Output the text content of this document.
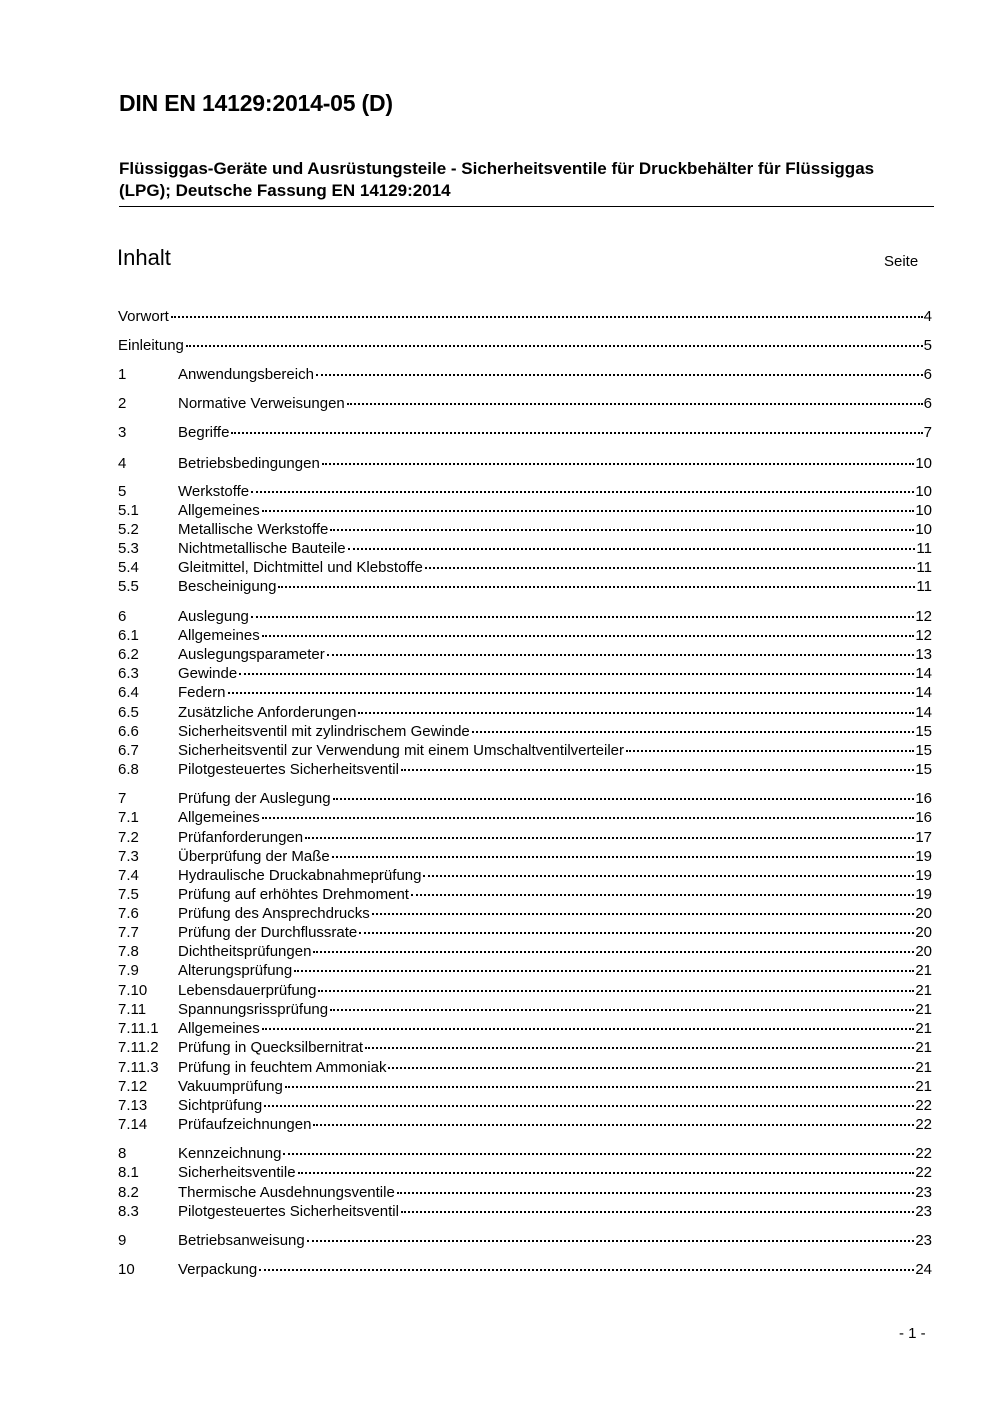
DIN EN 14129:2014-05 (D)
Flüssiggas-Geräte und Ausrüstungsteile - Sicherheitsventile für Druckbehälter für Flüssiggas (LPG); Deutsche Fassung EN 14129:2014
Inhalt	Seite
Vorwort	4
Einleitung	5
1	Anwendungsbereich	6
2	Normative Verweisungen	6
3	Begriffe	7
4	Betriebsbedingungen	10
5	Werkstoffe	10
5.1	Allgemeines	10
5.2	Metallische Werkstoffe	10
5.3	Nichtmetallische Bauteile	11
5.4	Gleitmittel, Dichtmittel und Klebstoffe	11
5.5	Bescheinigung	11
6	Auslegung	12
6.1	Allgemeines	12
6.2	Auslegungsparameter	13
6.3	Gewinde	14
6.4	Federn	14
6.5	Zusätzliche Anforderungen	14
6.6	Sicherheitsventil mit zylindrischem Gewinde	15
6.7	Sicherheitsventil zur Verwendung mit einem Umschaltventilverteiler	15
6.8	Pilotgesteuertes Sicherheitsventil	15
7	Prüfung der Auslegung	16
7.1	Allgemeines	16
7.2	Prüfanforderungen	17
7.3	Überprüfung der Maße	19
7.4	Hydraulische Druckabnahmeprüfung	19
7.5	Prüfung auf erhöhtes Drehmoment	19
7.6	Prüfung des Ansprechdrucks	20
7.7	Prüfung der Durchflussrate	20
7.8	Dichtheitsprüfungen	20
7.9	Alterungsprüfung	21
7.10	Lebensdauerprüfung	21
7.11	Spannungsrissprüfung	21
7.11.1	Allgemeines	21
7.11.2	Prüfung in Quecksilbernitrat	21
7.11.3	Prüfung in feuchtem Ammoniak	21
7.12	Vakuumprüfung	21
7.13	Sichtprüfung	22
7.14	Prüfaufzeichnungen	22
8	Kennzeichnung	22
8.1	Sicherheitsventile	22
8.2	Thermische Ausdehnungsventile	23
8.3	Pilotgesteuertes Sicherheitsventil	23
9	Betriebsanweisung	23
10	Verpackung	24
- 1 -
